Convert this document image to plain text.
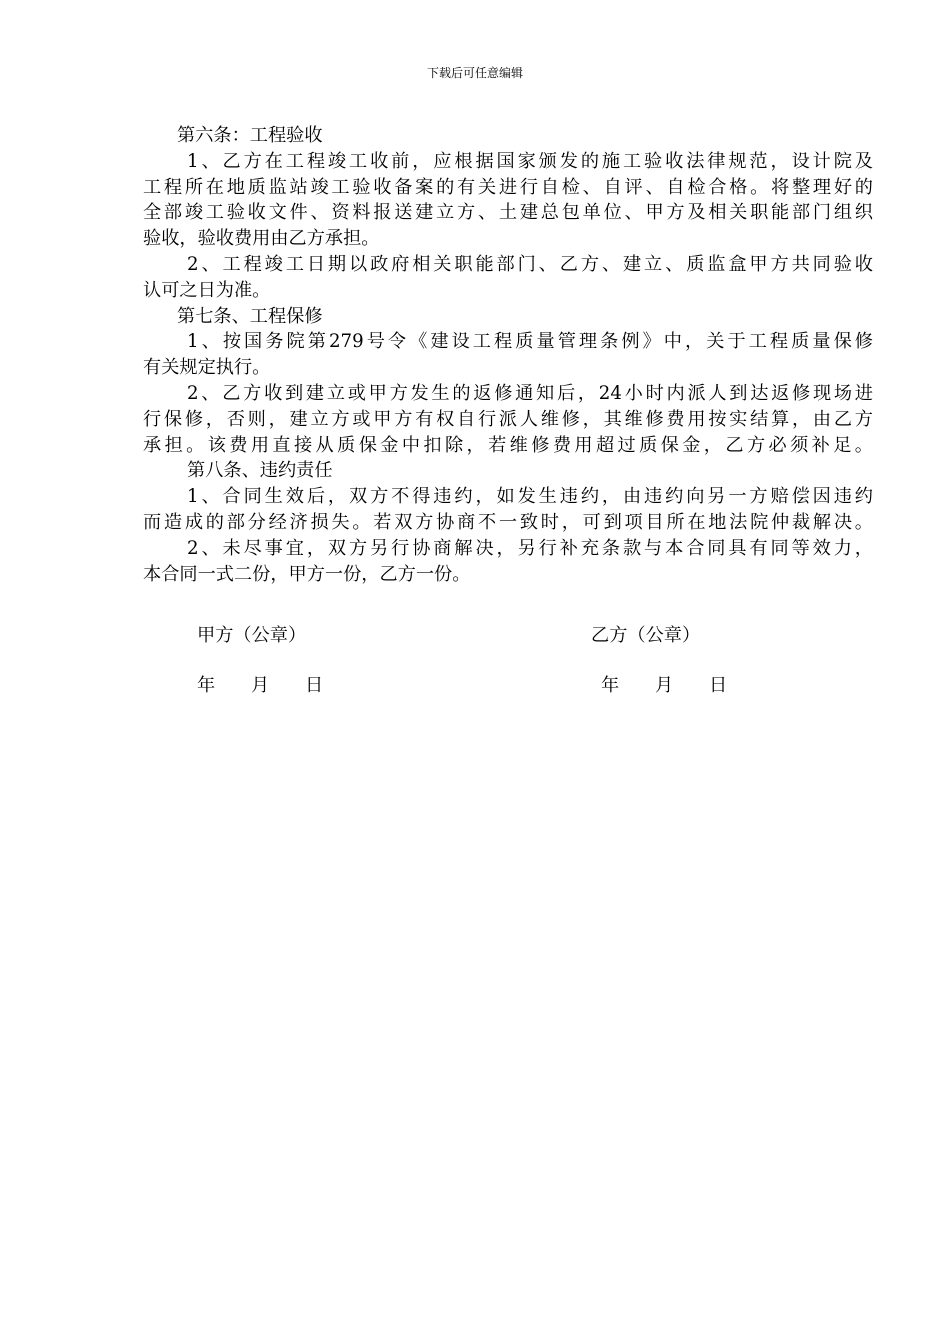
下载后可任意编辑
第六条：工程验收
1、乙方在工程竣工收前，应根据国家颁发的施工验收法律规范，设计院及
工程所在地质监站竣工验收备案的有关进行自检、自评、自检合格。将整理好的
全部竣工验收文件、资料报送建立方、土建总包单位、甲方及相关职能部门组织
验收，验收费用由乙方承担。
2、工程竣工日期以政府相关职能部门、乙方、建立、质监盒甲方共同验收
认可之日为准。
第七条、工程保修
1、按国务院第279号令《建设工程质量管理条例》中，关于工程质量保修
有关规定执行。
2、乙方收到建立或甲方发生的返修通知后，24小时内派人到达返修现场进
行保修，否则，建立方或甲方有权自行派人维修，其维修费用按实结算，由乙方
承担。该费用直接从质保金中扣除，若维修费用超过质保金，乙方必须补足。
第八条、违约责任
1、合同生效后，双方不得违约，如发生违约，由违约向另一方赔偿因违约
而造成的部分经济损失。若双方协商不一致时，可到项目所在地法院仲裁解决。
2、未尽事宜，双方另行协商解决，另行补充条款与本合同具有同等效力，
本合同一式二份，甲方一份，乙方一份。
甲方（公章）	乙方（公章）
年 月 日	年 月 日
